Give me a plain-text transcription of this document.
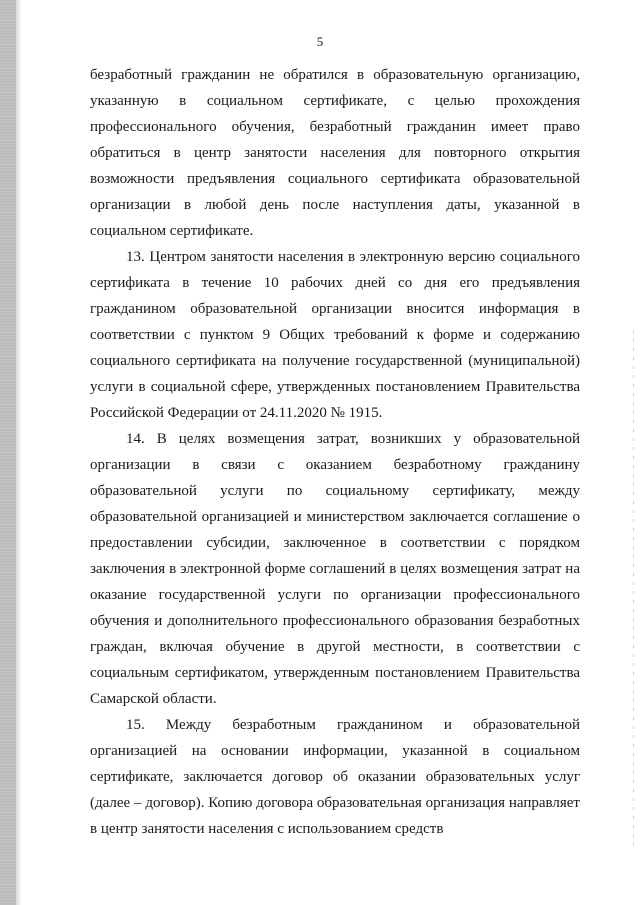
5

безработный гражданин не обратился в образовательную организацию, указанную в социальном сертификате, с целью прохождения профессионального обучения, безработный гражданин имеет право обратиться в центр занятости населения для повторного открытия возможности предъявления социального сертификата образовательной организации в любой день после наступления даты, указанной в социальном сертификате.

13. Центром занятости населения в электронную версию социального сертификата в течение 10 рабочих дней со дня его предъявления гражданином образовательной организации вносится информация в соответствии с пунктом 9 Общих требований к форме и содержанию социального сертификата на получение государственной (муниципальной) услуги в социальной сфере, утвержденных постановлением Правительства Российской Федерации от 24.11.2020 № 1915.

14. В целях возмещения затрат, возникших у образовательной организации в связи с оказанием безработному гражданину образовательной услуги по социальному сертификату, между образовательной организацией и министерством заключается соглашение о предоставлении субсидии, заключенное в соответствии с порядком заключения в электронной форме соглашений в целях возмещения затрат на оказание государственной услуги по организации профессионального обучения и дополнительного профессионального образования безработных граждан, включая обучение в другой местности, в соответствии с социальным сертификатом, утвержденным постановлением Правительства Самарской области.

15. Между безработным гражданином и образовательной организацией на основании информации, указанной в социальном сертификате, заключается договор об оказании образовательных услуг (далее – договор). Копию договора образовательная организация направляет в центр занятости населения с использованием средств
